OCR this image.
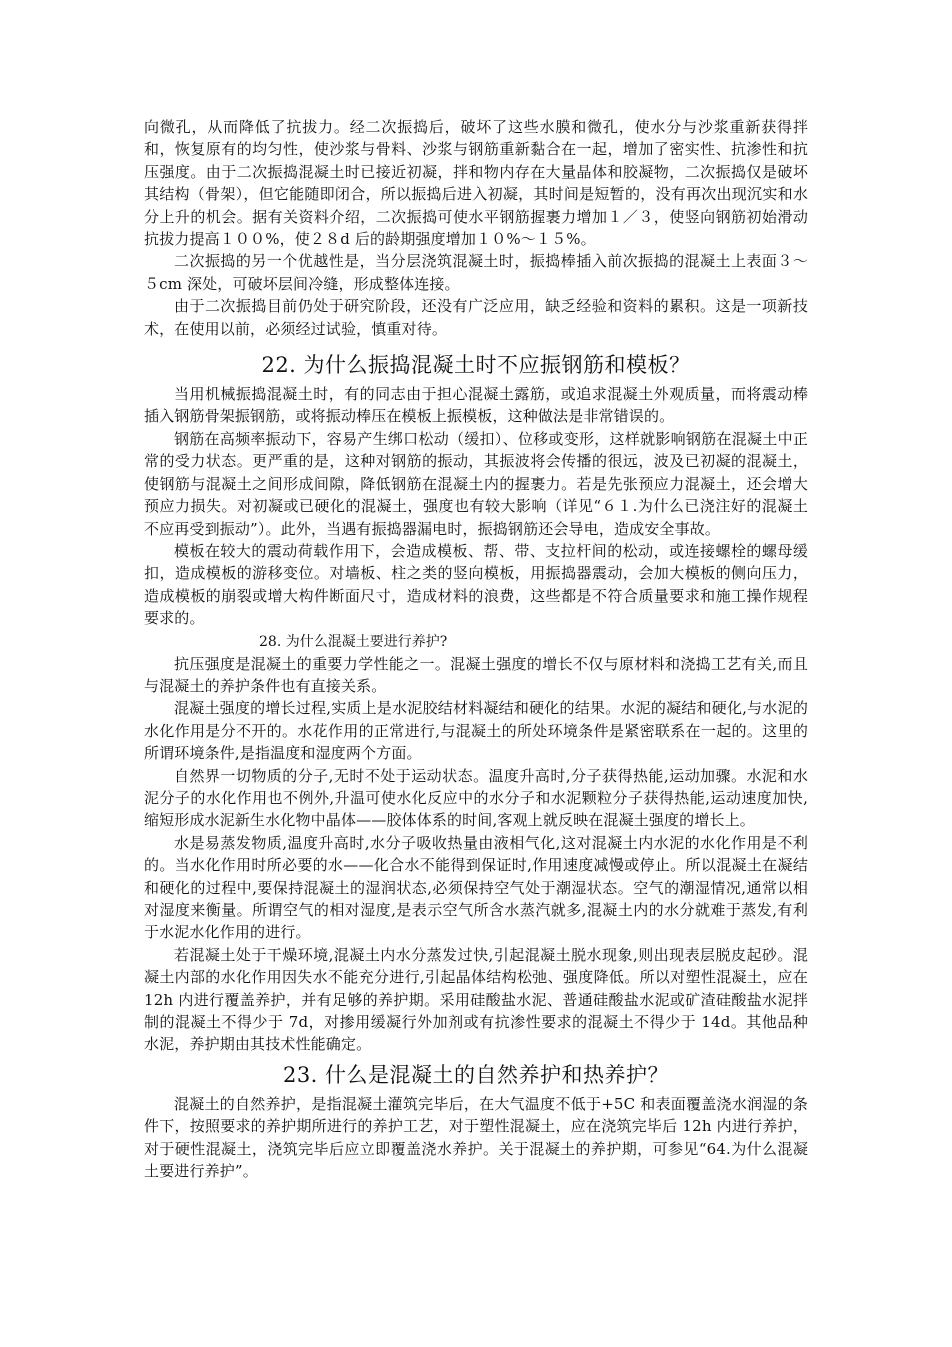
向微孔，从而降低了抗拔力。经二次振捣后，破坏了这些水膜和微孔，使水分与沙浆重新获得拌和，恢复原有的均匀性，使沙浆与骨料、沙浆与钢筋重新黏合在一起，增加了密实性、抗渗性和抗压强度。由于二次振捣混凝土时已接近初凝，拌和物内存在大量晶体和胶凝物，二次振捣仅是破坏其结构（骨架），但它能随即闭合，所以振捣后进入初凝，其时间是短暂的，没有再次出现沉实和水分上升的机会。据有关资料介绍，二次振捣可使水平钢筋握裹力增加１／３，使竖向钢筋初始滑动抗拔力提高１００%，使２８d 后的龄期强度增加１０%～１５%。

二次振捣的另一个优越性是，当分层浇筑混凝土时，振捣棒插入前次振捣的混凝土上表面３～５cm 深处，可破坏层间冷缝，形成整体连接。

由于二次振捣目前仍处于研究阶段，还没有广泛应用，缺乏经验和资料的累积。这是一项新技术，在使用以前，必须经过试验，慎重对待。

22. 为什么振捣混凝土时不应振钢筋和模板？

当用机械振捣混凝土时，有的同志由于担心混凝土露筋，或追求混凝土外观质量，而将震动棒插入钢筋骨架振钢筋，或将振动棒压在模板上振模板，这种做法是非常错误的。

钢筋在高频率振动下，容易产生绑口松动（缓扣）、位移或变形，这样就影响钢筋在混凝土中正常的受力状态。更严重的是，这种对钢筋的振动，其振波将会传播的很远，波及已初凝的混凝土，使钢筋与混凝土之间形成间隙，降低钢筋在混凝土内的握裹力。若是先张预应力混凝土，还会增大预应力损失。对初凝或已硬化的混凝土，强度也有较大影响（详见“６１.为什么已浇注好的混凝土不应再受到振动”）。此外，当遇有振捣器漏电时，振捣钢筋还会导电，造成安全事故。

模板在较大的震动荷载作用下，会造成模板、帮、带、支拉杆间的松动，或连接螺栓的螺母缓扣，造成模板的游移变位。对墙板、柱之类的竖向模板，用振捣器震动，会加大模板的侧向压力，造成模板的崩裂或增大构件断面尺寸，造成材料的浪费，这些都是不符合质量要求和施工操作规程要求的。

28. 为什么混凝土要进行养护?

抗压强度是混凝土的重要力学性能之一。混凝土强度的增长不仅与原材料和浇捣工艺有关,而且与混凝土的养护条件也有直接关系。

混凝土强度的增长过程,实质上是水泥胶结材料凝结和硬化的结果。水泥的凝结和硬化,与水泥的水化作用是分不开的。水花作用的正常进行,与混凝土的所处环境条件是紧密联系在一起的。这里的所谓环境条件,是指温度和湿度两个方面。

自然界一切物质的分子,无时不处于运动状态。温度升高时,分子获得热能,运动加骤。水泥和水泥分子的水化作用也不例外,升温可使水化反应中的水分子和水泥颗粒分子获得热能,运动速度加快,缩短形成水泥新生水化物中晶体——胶体体系的时间,客观上就反映在混凝土强度的增长上。

水是易蒸发物质,温度升高时,水分子吸收热量由液相气化,这对混凝土内水泥的水化作用是不利的。当水化作用时所必要的水——化合水不能得到保证时,作用速度减慢或停止。所以混凝土在凝结和硬化的过程中,要保持混凝土的湿润状态,必须保持空气处于潮湿状态。空气的潮湿情况,通常以相对湿度来衡量。所谓空气的相对湿度,是表示空气所含水蒸汽就多,混凝土内的水分就难于蒸发,有利于水泥水化作用的进行。

若混凝土处于干燥环境,混凝土内水分蒸发过快,引起混凝土脱水现象,则出现表层脱皮起砂。混凝土内部的水化作用因失水不能充分进行,引起晶体结构松弛、强度降低。所以对塑性混凝土，应在 12h 内进行覆盖养护，并有足够的养护期。采用硅酸盐水泥、普通硅酸盐水泥或矿渣硅酸盐水泥拌制的混凝土不得少于 7d，对掺用缓凝行外加剂或有抗渗性要求的混凝土不得少于 14d。其他品种水泥，养护期由其技术性能确定。

23. 什么是混凝土的自然养护和热养护？

混凝土的自然养护，是指混凝土灌筑完毕后，在大气温度不低于+5C 和表面覆盖浇水润湿的条件下，按照要求的养护期所进行的养护工艺，对于塑性混凝土，应在浇筑完毕后 12h 内进行养护，对于硬性混凝土，浇筑完毕后应立即覆盖浇水养护。关于混凝土的养护期，可参见“64.为什么混凝土要进行养护”。
